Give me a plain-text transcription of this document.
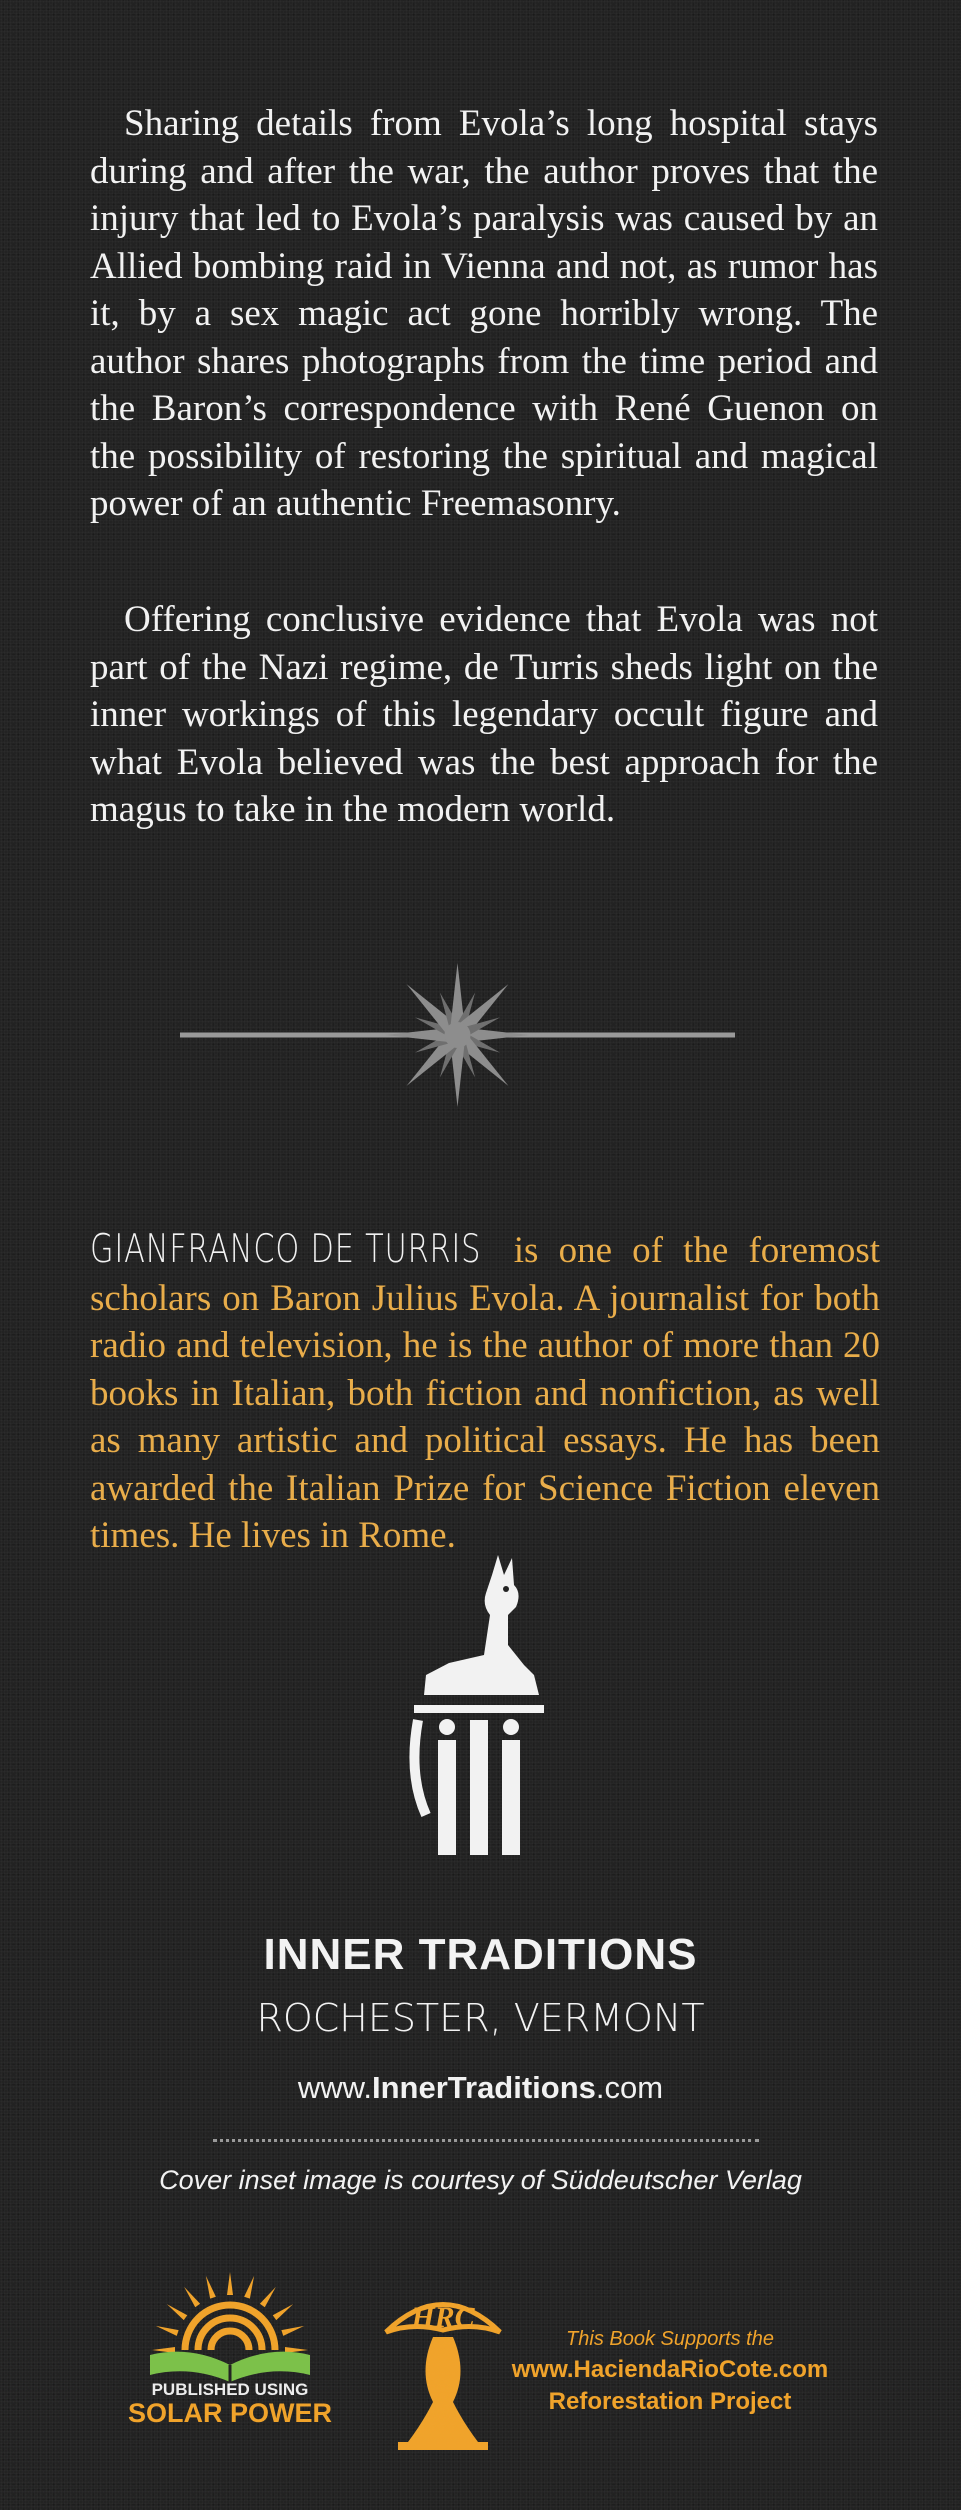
Sharing details from Evola’s long hospital stays during and after the war, the author proves that the injury that led to Evola’s paralysis was caused by an Allied bombing raid in Vienna and not, as rumor has it, by a sex magic act gone horribly wrong. The author shares photographs from the time period and the Baron’s correspondence with René Guenon on the possibility of restoring the spiritual and magical power of an authentic Freemasonry.

Offering conclusive evidence that Evola was not part of the Nazi regime, de Turris sheds light on the inner workings of this legendary occult figure and what Evola believed was the best approach for the magus to take in the modern world.

GIANFRANCO DE TURRIS is one of the foremost scholars on Baron Julius Evola. A journalist for both radio and television, he is the author of more than 20 books in Italian, both fiction and nonfiction, as well as many artistic and political essays. He has been awarded the Italian Prize for Science Fiction eleven times. He lives in Rome.

INNER TRADITIONS
ROCHESTER, VERMONT
www.InnerTraditions.com
Cover inset image is courtesy of Süddeutscher Verlag
PUBLISHED USING
SOLAR POWER
HRC
This Book Supports the
www.HaciendaRioCote.com
Reforestation Project
